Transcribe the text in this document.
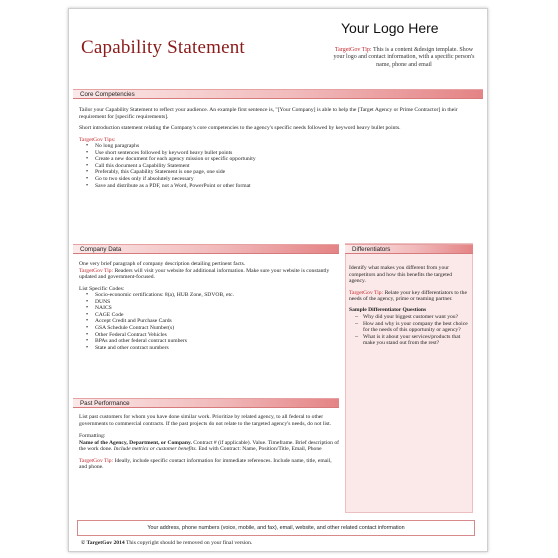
Capability Statement
Your Logo Here
TargetGov Tip: This is a content &design template. Show your logo and contact information, with a specific person's name, phone and email
Core Competencies

Tailor your Capability Statement to reflect your audience. An example first sentence is, "[Your Company] is able to help the [Target Agency or Prime Contractor] in their requirement for [specific requirements].

Short introduction statement relating the Company's core competencies to the agency's specific needs followed by keyword heavy bullet points.

TargetGov Tips:
• No long paragraphs
• Use short sentences followed by keyword heavy bullet points
• Create a new document for each agency mission or specific opportunity
• Call this document a Capability Statement
• Preferably, this Capability Statement is one page, one side
• Go to two sides only if absolutely necessary
• Save and distribute as a PDF, not a Word, PowerPoint or other format
Company Data

One very brief paragraph of company description detailing pertinent facts.
TargetGov Tip: Readers will visit your website for additional information. Make sure your website is constantly updated and government-focused.

List Specific Codes:
• Socio-economic certifications: 8(a), HUB Zone, SDVOB, etc.
• DUNS
• NAICS
• CAGE Code
• Accept Credit and Purchase Cards
• GSA Schedule Contract Number(s)
• Other Federal Contract Vehicles
• BPAs and other federal contract numbers
• State and other contract numbers
Differentiators

Identify what makes you different from your competitors and how this benefits the targeted agency.

TargetGov Tip: Relate your key differentiators to the needs of the agency, prime or teaming partner.

Sample Differentiator Questions
– Why did your biggest customer want you?
– How and why is your company the best choice for the needs of this opportunity or agency?
– What is it about your services/products that make you stand out from the rest?
Past Performance

List past customers for whom you have done similar work. Prioritize by related agency, to all federal to other governments to commercial contracts. If the past projects do not relate to the targeted agency's needs, do not list.

Formatting:

Name of the Agency, Department, or Company. Contract # (if applicable). Value. Timeframe. Brief description of the work done. Include metrics or customer benefits. End with Contract: Name, Position/Title, Email, Phone

TargetGov Tip: Ideally, include specific contact information for immediate references. Include name, title, email, and phone.

Your address, phone numbers (voice, mobile, and fax), email, website, and other related contact information
© TargetGov 2014 This copyright should be removed on your final version.
